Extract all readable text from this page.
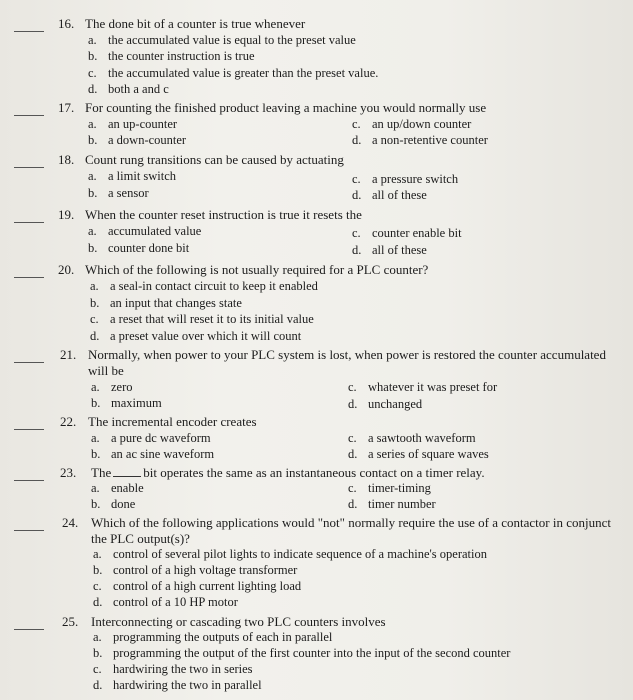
16. The done bit of a counter is true whenever
a. the accumulated value is equal to the preset value
b. the counter instruction is true
c. the accumulated value is greater than the preset value.
d. both a and c
17. For counting the finished product leaving a machine you would normally use
a. an up-counter
b. a down-counter
c. an up/down counter
d. a non-retentive counter
18. Count rung transitions can be caused by actuating
a. a limit switch
b. a sensor
c. a pressure switch
d. all of these
19. When the counter reset instruction is true it resets the
a. accumulated value
b. counter done bit
c. counter enable bit
d. all of these
20. Which of the following is not usually required for a PLC counter?
a. a seal-in contact circuit to keep it enabled
b. an input that changes state
c. a reset that will reset it to its initial value
d. a preset value over which it will count
21. Normally, when power to your PLC system is lost, when power is restored the counter accumulated
will be
a. zero
b. maximum
c. whatever it was preset for
d. unchanged
22. The incremental encoder creates
a. a pure dc waveform
b. an ac sine waveform
c. a sawtooth waveform
d. a series of square waves
23. The bit operates the same as an instantaneous contact on a timer relay.
a. enable
b. done
c. timer-timing
d. timer number
24. Which of the following applications would "not" normally require the use of a contactor in conjunct
the PLC output(s)?
a. control of several pilot lights to indicate sequence of a machine's operation
b. control of a high voltage transformer
c. control of a high current lighting load
d. control of a 10 HP motor
25. Interconnecting or cascading two PLC counters involves
a. programming the outputs of each in parallel
b. programming the output of the first counter into the input of the second counter
c. hardwiring the two in series
d. hardwiring the two in parallel
